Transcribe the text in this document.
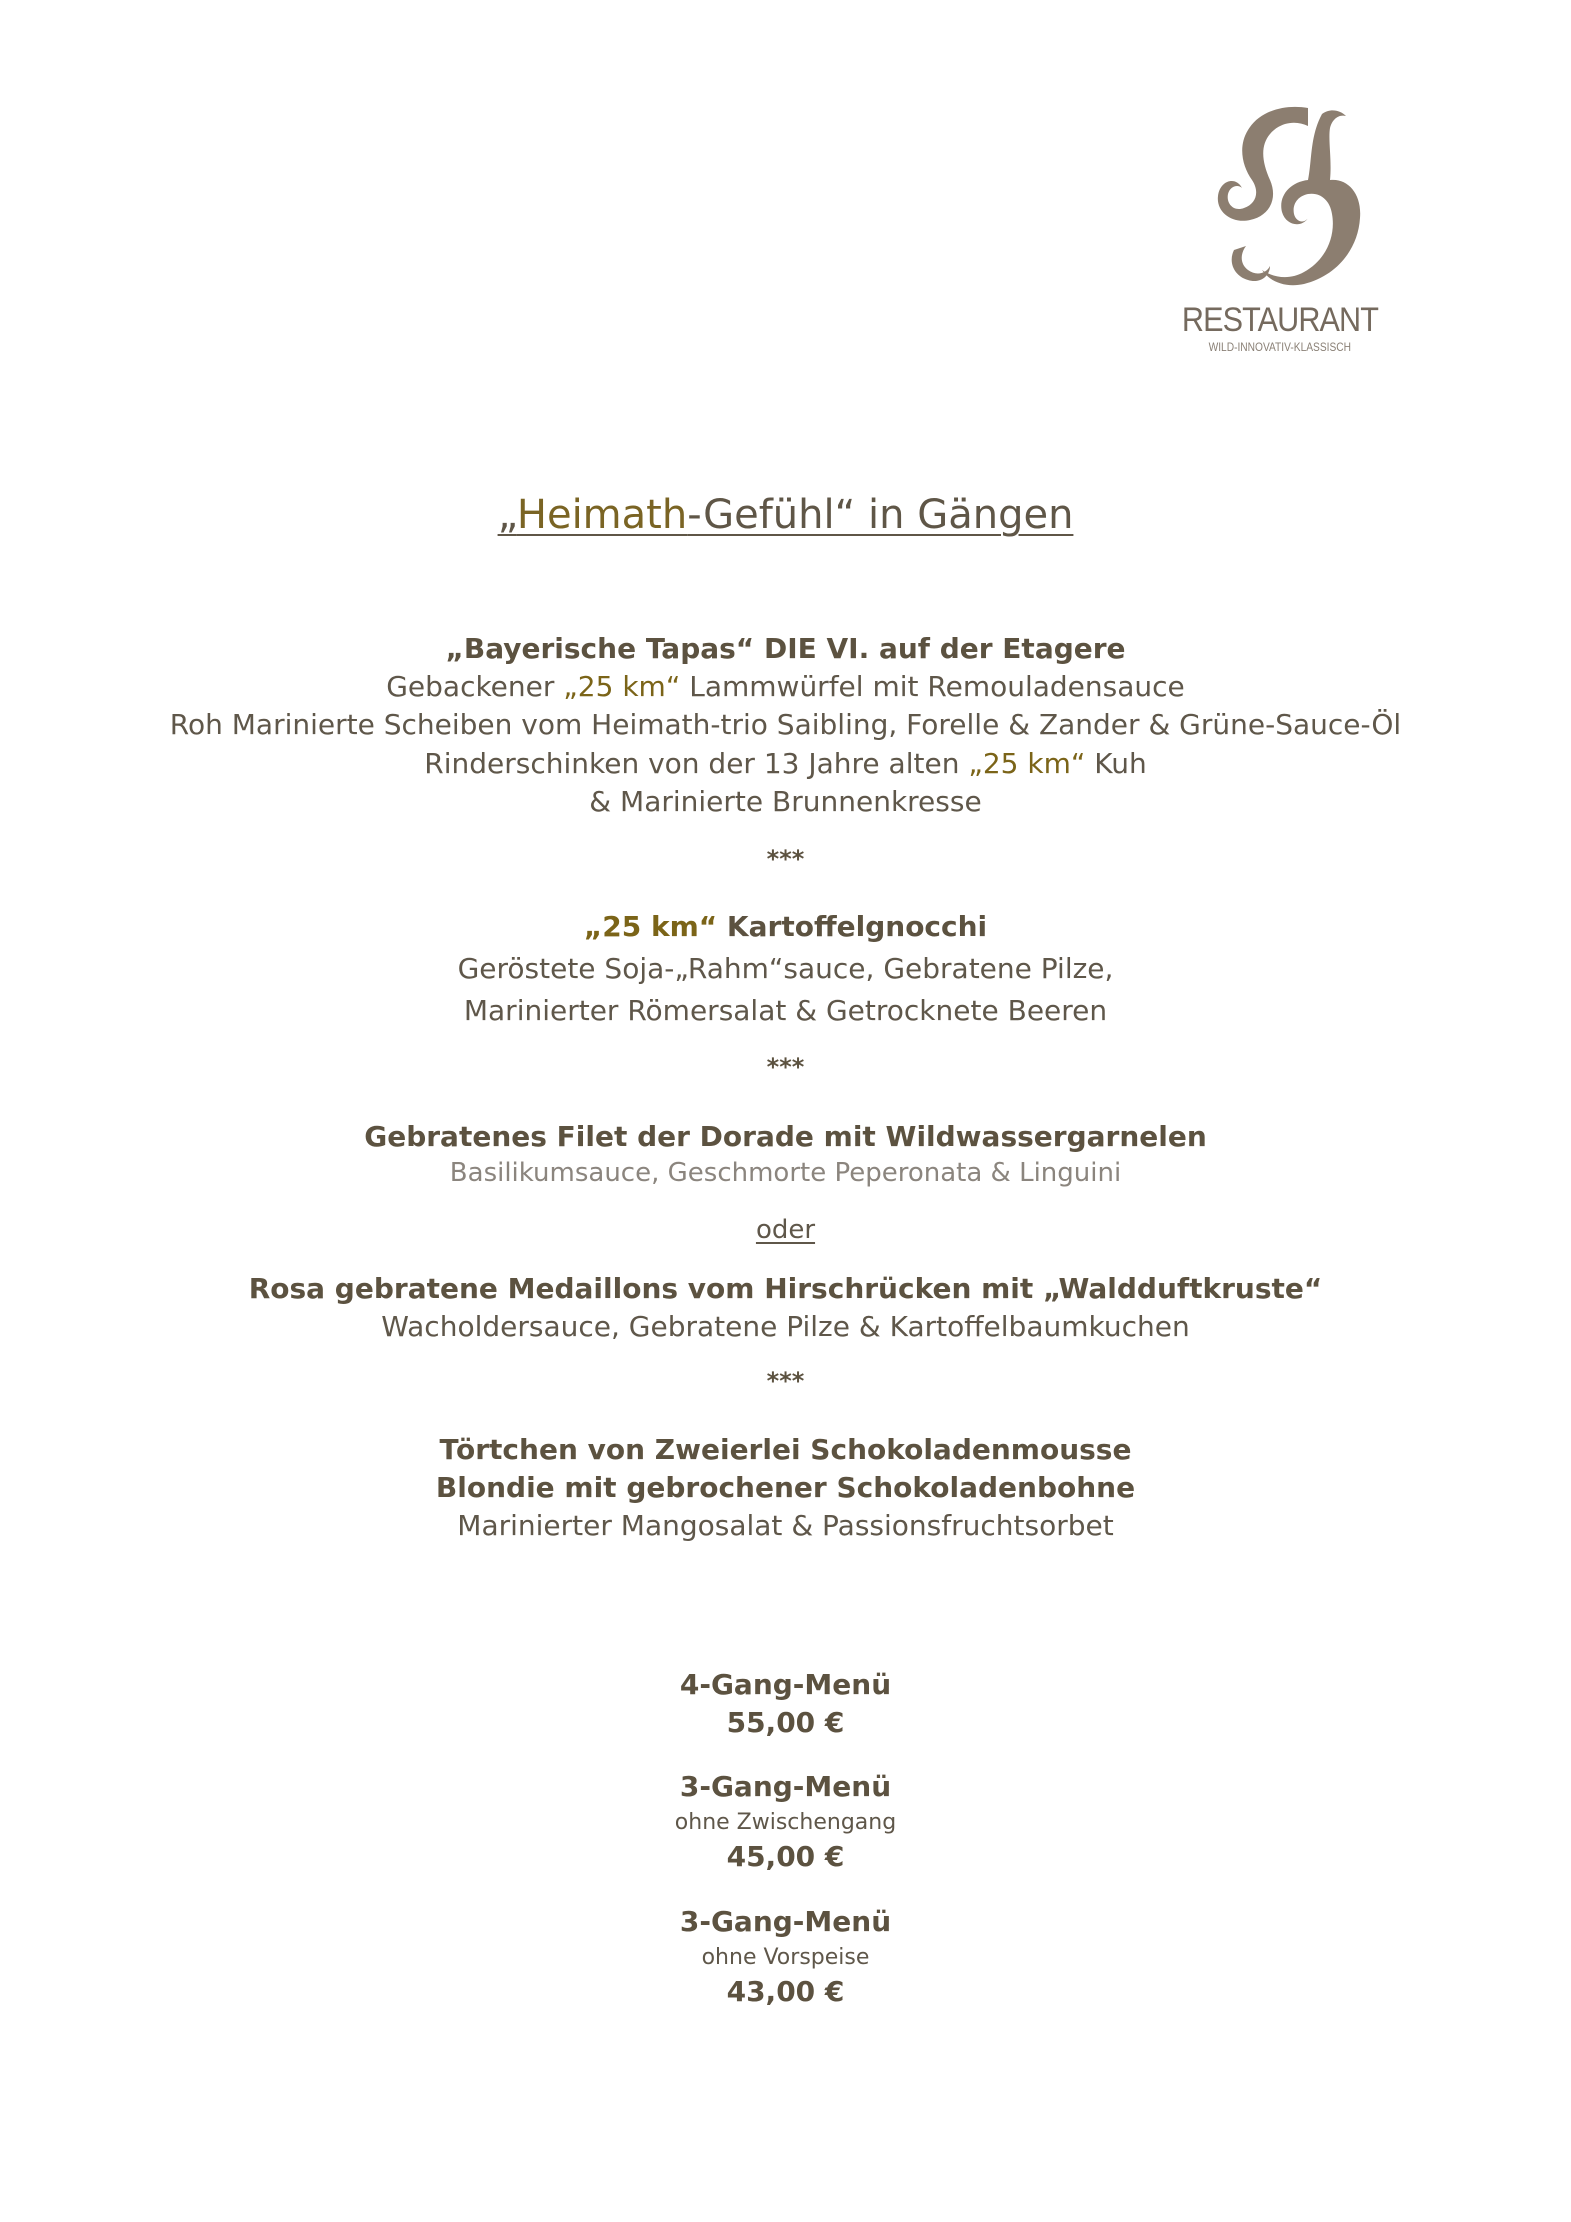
RESTAURANT
WILD-INNOVATIV-KLASSISCH
„Heimath-Gefühl“ in Gängen
„Bayerische Tapas“ DIE VI. auf der Etagere
Gebackener „25 km“ Lammwürfel mit Remouladensauce
Roh Marinierte Scheiben vom Heimath-trio Saibling, Forelle & Zander & Grüne-Sauce-Öl
Rinderschinken von der 13 Jahre alten „25 km“ Kuh
& Marinierte Brunnenkresse
***
„25 km“ Kartoffelgnocchi
Geröstete Soja-„Rahm“sauce, Gebratene Pilze,
Marinierter Römersalat & Getrocknete Beeren
***
Gebratenes Filet der Dorade mit Wildwassergarnelen
Basilikumsauce, Geschmorte Peperonata & Linguini
oder
Rosa gebratene Medaillons vom Hirschrücken mit „Waldduftkruste“
Wacholdersauce, Gebratene Pilze & Kartoffelbaumkuchen
***
Törtchen von Zweierlei Schokoladenmousse
Blondie mit gebrochener Schokoladenbohne
Marinierter Mangosalat & Passionsfruchtsorbet
4-Gang-Menü
55,00 €
3-Gang-Menü
ohne Zwischengang
45,00 €
3-Gang-Menü
ohne Vorspeise
43,00 €
